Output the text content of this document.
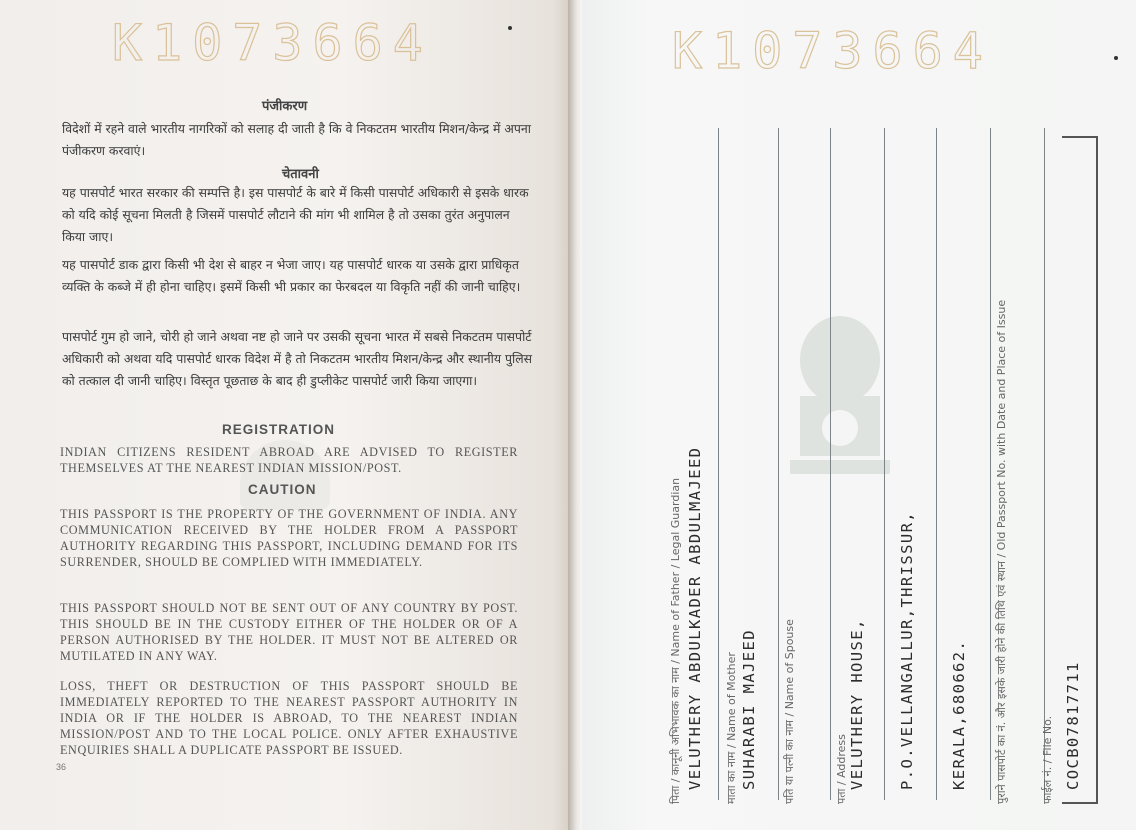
K1073664
पंजीकरण
विदेशों में रहने वाले भारतीय नागरिकों को सलाह दी जाती है कि वे निकटतम भारतीय मिशन/केन्द्र में अपना पंजीकरण करवाएं।
चेतावनी
यह पासपोर्ट भारत सरकार की सम्पत्ति है। इस पासपोर्ट के बारे में किसी पासपोर्ट अधिकारी से इसके धारक को यदि कोई सूचना मिलती है जिसमें पासपोर्ट लौटाने की मांग भी शामिल है तो उसका तुरंत अनुपालन किया जाए।
यह पासपोर्ट डाक द्वारा किसी भी देश से बाहर न भेजा जाए। यह पासपोर्ट धारक या उसके द्वारा प्राधिकृत व्यक्ति के कब्जे में ही होना चाहिए। इसमें किसी भी प्रकार का फेरबदल या विकृति नहीं की जानी चाहिए।
पासपोर्ट गुम हो जाने, चोरी हो जाने अथवा नष्ट हो जाने पर उसकी सूचना भारत में सबसे निकटतम पासपोर्ट अधिकारी को अथवा यदि पासपोर्ट धारक विदेश में है तो निकटतम भारतीय मिशन/केन्द्र और स्थानीय पुलिस को तत्काल दी जानी चाहिए। विस्तृत पूछताछ के बाद ही डुप्लीकेट पासपोर्ट जारी किया जाएगा।
REGISTRATION
INDIAN CITIZENS RESIDENT ABROAD ARE ADVISED TO REGISTER THEMSELVES AT THE NEAREST INDIAN MISSION/POST.
CAUTION
THIS PASSPORT IS THE PROPERTY OF THE GOVERNMENT OF INDIA. ANY COMMUNICATION RECEIVED BY THE HOLDER FROM A PASSPORT AUTHORITY REGARDING THIS PASSPORT, INCLUDING DEMAND FOR ITS SURRENDER, SHOULD BE COMPLIED WITH IMMEDIATELY.
THIS PASSPORT SHOULD NOT BE SENT OUT OF ANY COUNTRY BY POST. THIS SHOULD BE IN THE CUSTODY EITHER OF THE HOLDER OR OF A PERSON AUTHORISED BY THE HOLDER. IT MUST NOT BE ALTERED OR MUTILATED IN ANY WAY.
LOSS, THEFT OR DESTRUCTION OF THIS PASSPORT SHOULD BE IMMEDIATELY REPORTED TO THE NEAREST PASSPORT AUTHORITY IN INDIA OR IF THE HOLDER IS ABROAD, TO THE NEAREST INDIAN MISSION/POST AND TO THE LOCAL POLICE. ONLY AFTER EXHAUSTIVE ENQUIRIES SHALL A DUPLICATE PASSPORT BE ISSUED.
36
K1073664
पिता / कानूनी अभिभावक का नाम / Name of Father / Legal Guardian VELUTHERY ABDULKADER ABDULMAJEED माता का नाम / Name of Mother SUHARABI MAJEED पति या पत्नी का नाम / Name of Spouse	पता / Address VELUTHERY HOUSE, P.O.VELLANGALLUR,THRISSUR, KERALA,680662. पुराने पासपोर्ट का नं. और इसके जारी होने की तिथि एवं स्थान / Old Passport No. with Date and Place of Issue	फाईल नं. / File No. COCB07817711
